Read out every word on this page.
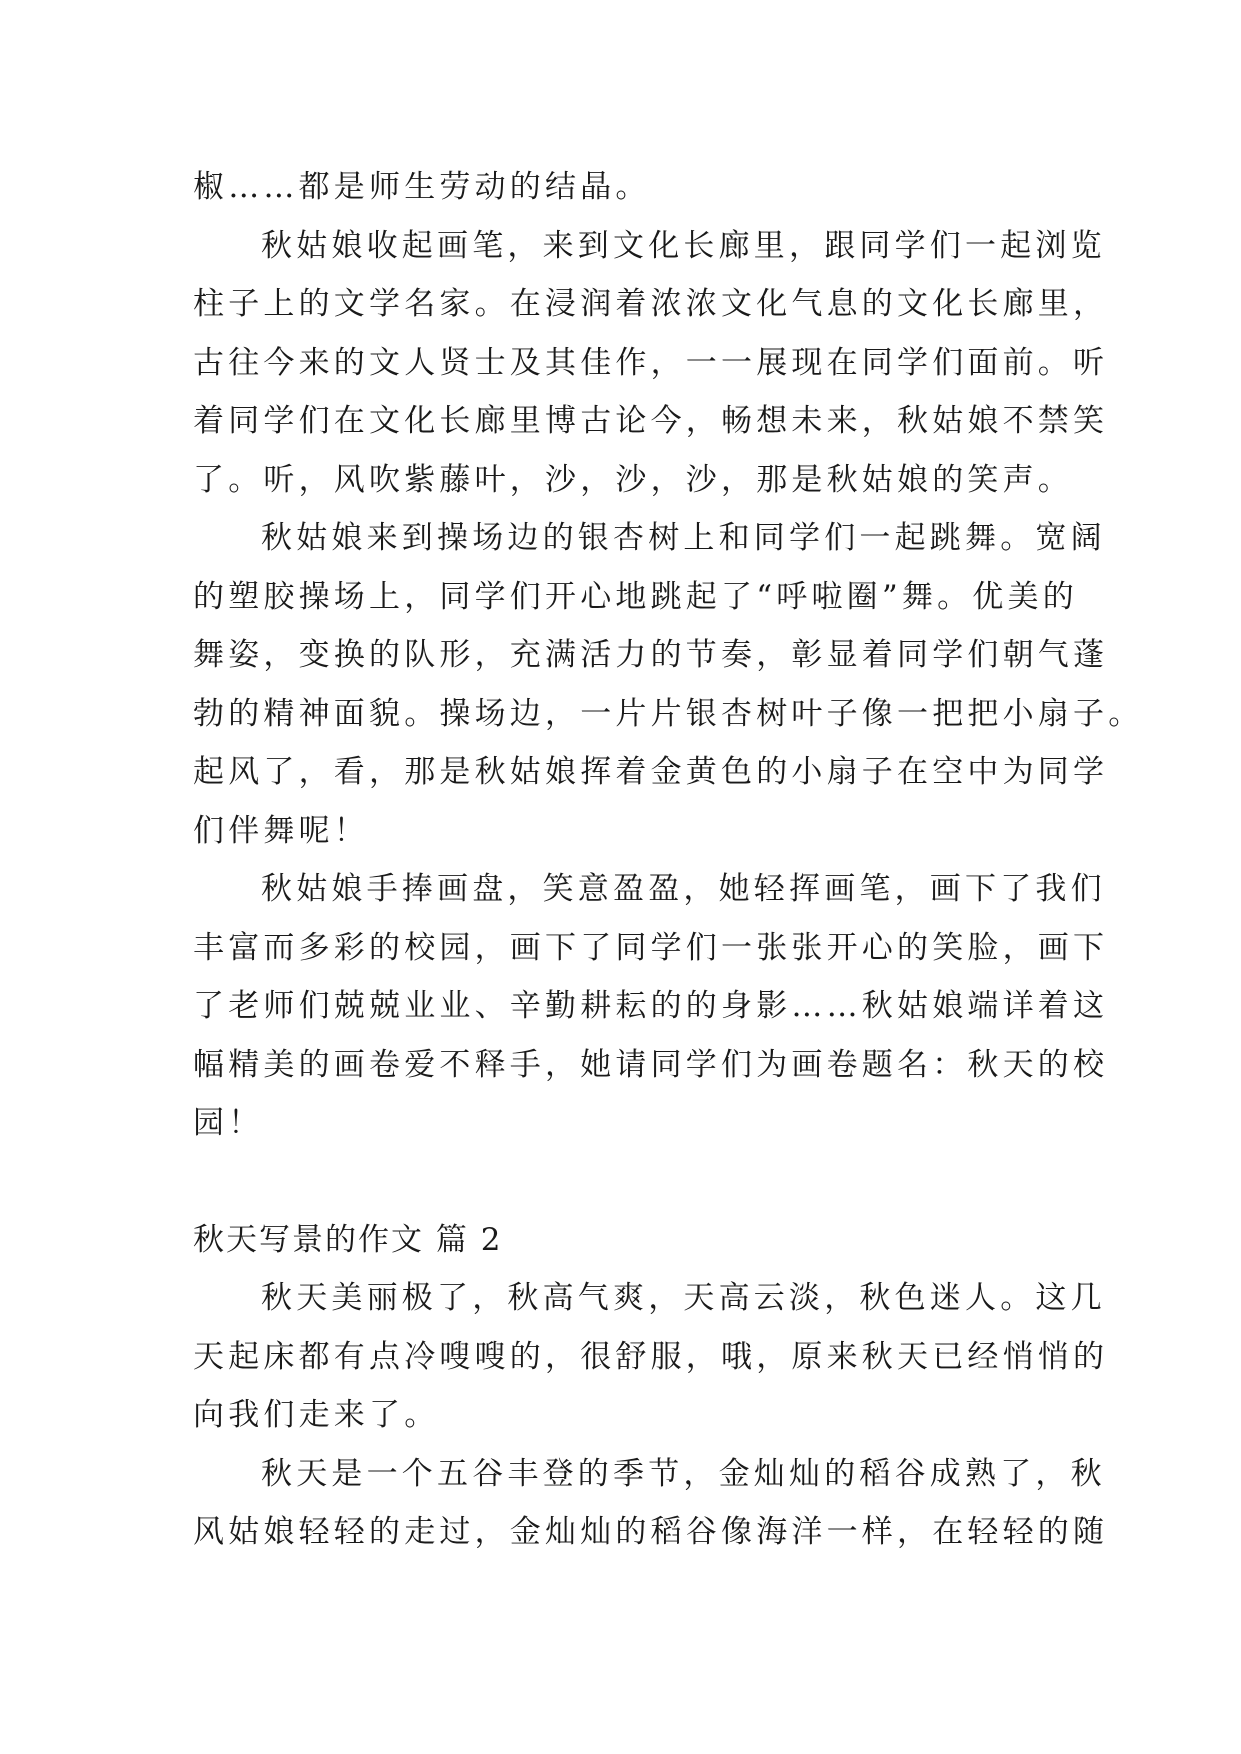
椒……都是师生劳动的结晶。
秋姑娘收起画笔，来到文化长廊里，跟同学们一起浏览
柱子上的文学名家。在浸润着浓浓文化气息的文化长廊里，
古往今来的文人贤士及其佳作，一一展现在同学们面前。听
着同学们在文化长廊里博古论今，畅想未来，秋姑娘不禁笑
了。听，风吹紫藤叶，沙，沙，沙，那是秋姑娘的笑声。
秋姑娘来到操场边的银杏树上和同学们一起跳舞。宽阔
的塑胶操场上，同学们开心地跳起了“呼啦圈”舞。优美的
舞姿，变换的队形，充满活力的节奏，彰显着同学们朝气蓬
勃的精神面貌。操场边，一片片银杏树叶子像一把把小扇子。
起风了，看，那是秋姑娘挥着金黄色的小扇子在空中为同学
们伴舞呢！
秋姑娘手捧画盘，笑意盈盈，她轻挥画笔，画下了我们
丰富而多彩的校园，画下了同学们一张张开心的笑脸，画下
了老师们兢兢业业、辛勤耕耘的的身影……秋姑娘端详着这
幅精美的画卷爱不释手，她请同学们为画卷题名：秋天的校
园！
秋天写景的作文 篇 2
秋天美丽极了，秋高气爽，天高云淡，秋色迷人。这几
天起床都有点冷嗖嗖的，很舒服，哦，原来秋天已经悄悄的
向我们走来了。
秋天是一个五谷丰登的季节，金灿灿的稻谷成熟了，秋
风姑娘轻轻的走过，金灿灿的稻谷像海洋一样，在轻轻的随
